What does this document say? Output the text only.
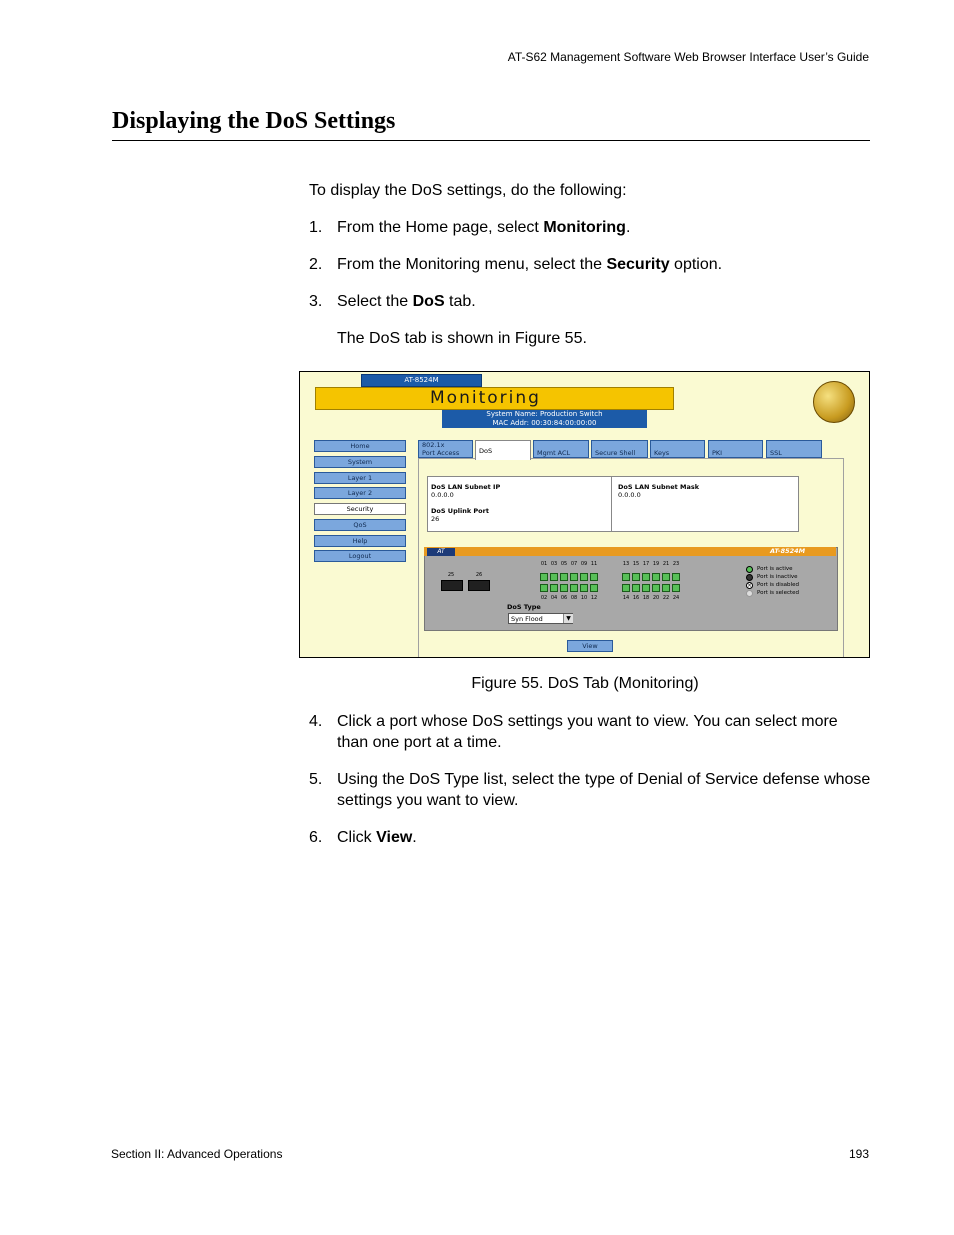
AT-S62 Management Software Web Browser Interface User’s Guide
Displaying the DoS Settings
To display the DoS settings, do the following:
1. From the Home page, select Monitoring.
2. From the Monitoring menu, select the Security option.
3. Select the DoS tab.
The DoS tab is shown in Figure 55.
AT-8524M
Monitoring
System Name: Production Switch
MAC Addr: 00:30:84:00:00:00
Home
System
Layer 1
Layer 2
Security
QoS
Help
Logout
802.1x
Port Access	DoS	Mgmt ACL	Secure Shell	Keys	PKI	SSL
DoS LAN Subnet IP
0.0.0.0
DoS Uplink Port
26
DoS LAN Subnet Mask
0.0.0.0
AT	AT-8524M
01 03 05 07 09 11	13 15 17 19 21 23
02 04 06 08 10 12	14 16 18 20 22 24
25	26
Port is active
Port is inactive
× Port is disabled
Port is selected
DoS Type
Syn Flood	▼
View
Figure 55. DoS Tab (Monitoring)
4. Click a port whose DoS settings you want to view. You can select more than one port at a time.
5. Using the DoS Type list, select the type of Denial of Service defense whose settings you want to view.
6. Click View.
Section II: Advanced Operations	193
